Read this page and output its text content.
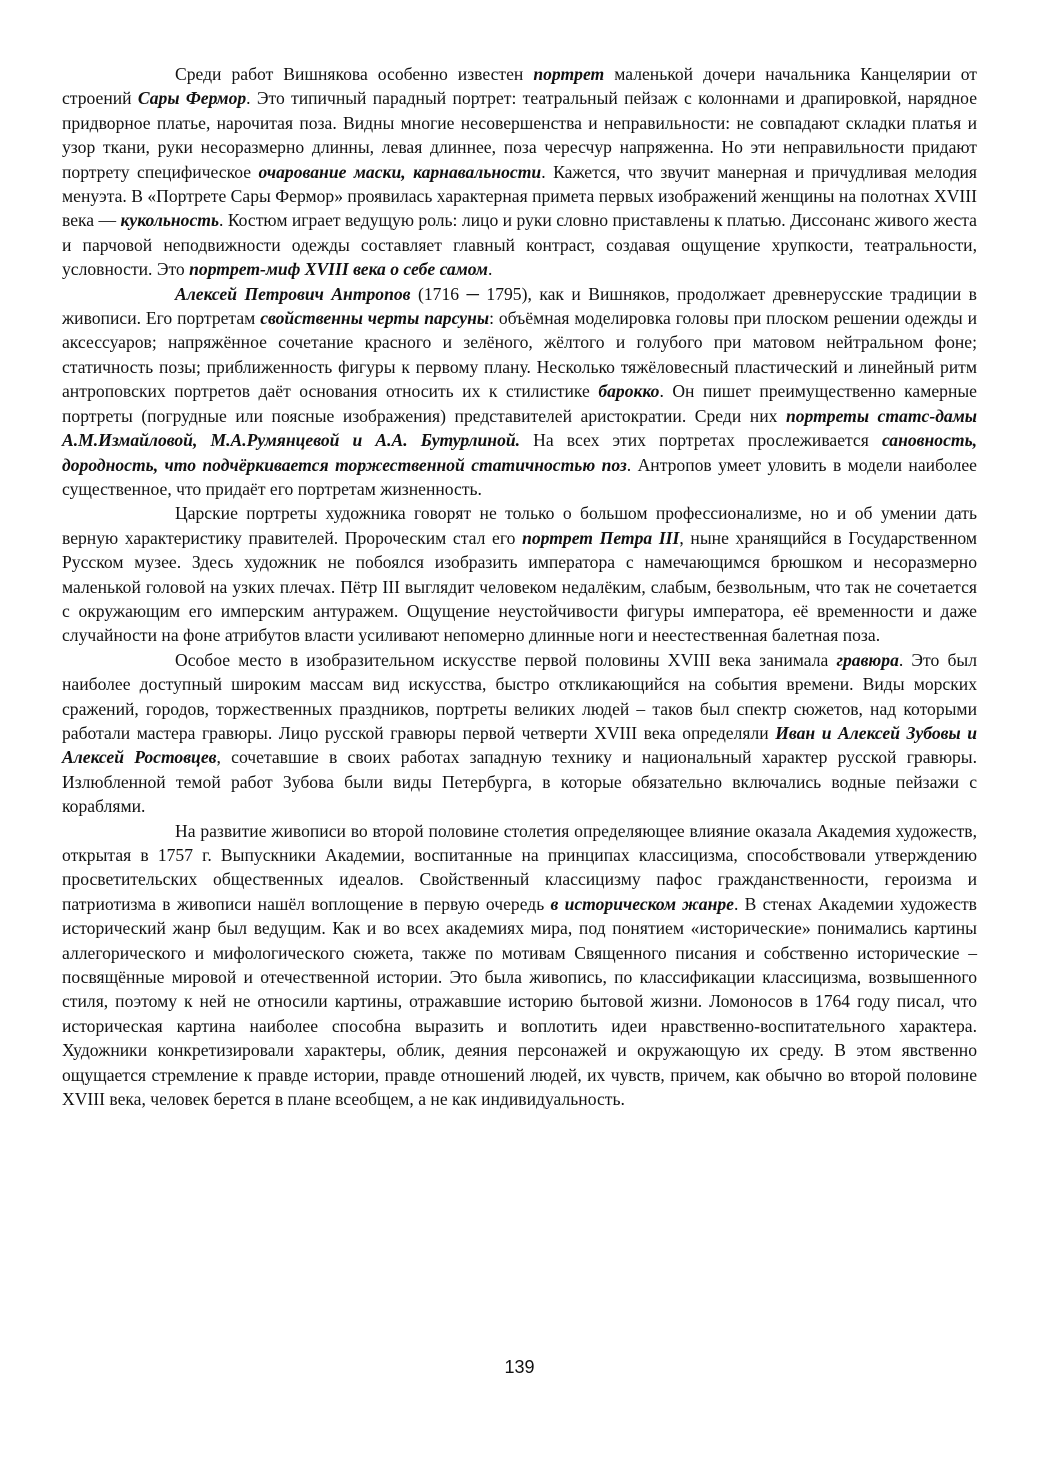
Среди работ Вишнякова особенно известен портрет маленькой дочери начальника Канцелярии от строений Сары Фермор. Это типичный парадный портрет: театральный пейзаж с колоннами и драпировкой, нарядное придворное платье, нарочитая поза. Видны многие несовершенства и неправильности: не совпадают складки платья и узор ткани, руки несоразмерно длинны, левая длиннее, поза чересчур напряженна. Но эти неправильности придают портрету специфическое очарование маски, карнавальности. Кажется, что звучит манерная и причудливая мелодия менуэта. В «Портрете Сары Фермор» проявилась характерная примета первых изображений женщины на полотнах XVIII века — кукольность. Костюм играет ведущую роль: лицо и руки словно приставлены к платью. Диссонанс живого жеста и парчовой неподвижности одежды составляет главный контраст, создавая ощущение хрупкости, театральности, условности. Это портрет-миф XVIII века о себе самом.

Алексей Петрович Антропов (1716 ─ 1795), как и Вишняков, продолжает древнерусские традиции в живописи. Его портретам свойственны черты парсуны: объёмная моделировка головы при плоском решении одежды и аксессуаров; напряжённое сочетание красного и зелёного, жёлтого и голубого при матовом нейтральном фоне; статичность позы; приближенность фигуры к первому плану. Несколько тяжёловесный пластический и линейный ритм антроповских портретов даёт основания относить их к стилистике барокко. Он пишет преимущественно камерные портреты (погрудные или поясные изображения) представителей аристократии. Среди них портреты статс-дамы А.М.Измайловой, М.А.Румянцевой и А.А. Бутурлиной. На всех этих портретах прослеживается сановность, дородность, что подчёркивается торжественной статичностью поз. Антропов умеет уловить в модели наиболее существенное, что придаёт его портретам жизненность.

Царские портреты художника говорят не только о большом профессионализме, но и об умении дать верную характеристику правителей. Пророческим стал его портрет Петра III, ныне хранящийся в Государственном Русском музее. Здесь художник не побоялся изобразить императора с намечающимся брюшком и несоразмерно маленькой головой на узких плечах. Пётр III выглядит человеком недалёким, слабым, безвольным, что так не сочетается с окружающим его имперским антуражем. Ощущение неустойчивости фигуры императора, её временности и даже случайности на фоне атрибутов власти усиливают непомерно длинные ноги и неестественная балетная поза.

Особое место в изобразительном искусстве первой половины XVIII века занимала гравюра. Это был наиболее доступный широким массам вид искусства, быстро откликающийся на события времени. Виды морских сражений, городов, торжественных праздников, портреты великих людей – таков был спектр сюжетов, над которыми работали мастера гравюры. Лицо русской гравюры первой четверти XVIII века определяли Иван и Алексей Зубовы и Алексей Ростовцев, сочетавшие в своих работах западную технику и национальный характер русской гравюры. Излюбленной темой работ Зубова были виды Петербурга, в которые обязательно включались водные пейзажи с кораблями.

На развитие живописи во второй половине столетия определяющее влияние оказала Академия художеств, открытая в 1757 г. Выпускники Академии, воспитанные на принципах классицизма, способствовали утверждению просветительских общественных идеалов. Свойственный классицизму пафос гражданственности, героизма и патриотизма в живописи нашёл воплощение в первую очередь в историческом жанре. В стенах Академии художеств исторический жанр был ведущим. Как и во всех академиях мира, под понятием «исторические» понимались картины аллегорического и мифологического сюжета, также по мотивам Священного писания и собственно исторические – посвящённые мировой и отечественной истории. Это была живопись, по классификации классицизма, возвышенного стиля, поэтому к ней не относили картины, отражавшие историю бытовой жизни. Ломоносов в 1764 году писал, что историческая картина наиболее способна выразить и воплотить идеи нравственно-воспитательного характера. Художники конкретизировали характеры, облик, деяния персонажей и окружающую их среду. В этом явственно ощущается стремление к правде истории, правде отношений людей, их чувств, причем, как обычно во второй половине XVIII века, человек берется в плане всеобщем, а не как индивидуальность.

139
